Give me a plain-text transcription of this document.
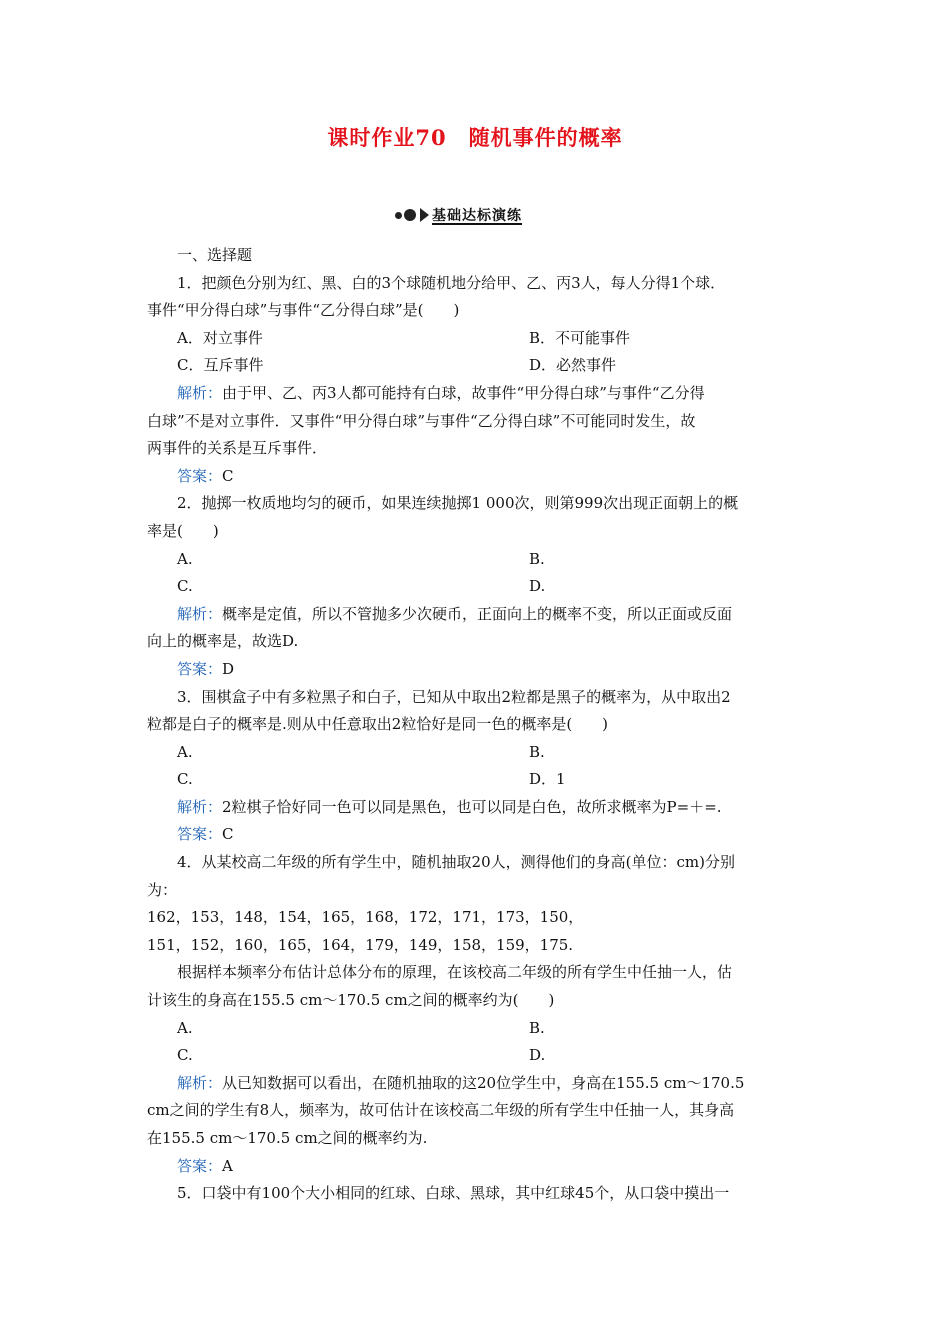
课时作业70　随机事件的概率
基础达标演练
一、选择题
1．把颜色分别为红、黑、白的3个球随机地分给甲、乙、丙3人，每人分得1个球．
事件“甲分得白球”与事件“乙分得白球”是(　　)
A．对立事件	B．不可能事件
C．互斥事件	D．必然事件
解析：由于甲、乙、丙3人都可能持有白球，故事件“甲分得白球”与事件“乙分得
白球”不是对立事件．又事件“甲分得白球”与事件“乙分得白球”不可能同时发生，故
两事件的关系是互斥事件．
答案：C
2．抛掷一枚质地均匀的硬币，如果连续抛掷1 000次，则第999次出现正面朝上的概
率是(　　)
A.	B.
C.	D.
解析：概率是定值，所以不管抛多少次硬币，正面向上的概率不变，所以正面或反面
向上的概率是，故选D.
答案：D
3．围棋盒子中有多粒黑子和白子，已知从中取出2粒都是黑子的概率为，从中取出2
粒都是白子的概率是.则从中任意取出2粒恰好是同一色的概率是(　　)
A.	B.
C.	D．1
解析：2粒棋子恰好同一色可以同是黑色，也可以同是白色，故所求概率为P=＋=.
答案：C
4．从某校高二年级的所有学生中，随机抽取20人，测得他们的身高(单位：cm)分别
为：
162，153，148，154，165，168，172，171，173，150，
151，152，160，165，164，179，149，158，159，175.
根据样本频率分布估计总体分布的原理，在该校高二年级的所有学生中任抽一人，估
计该生的身高在155.5 cm～170.5 cm之间的概率约为(　　)
A.	B.
C.	D.
解析：从已知数据可以看出，在随机抽取的这20位学生中，身高在155.5 cm～170.5
cm之间的学生有8人，频率为，故可估计在该校高二年级的所有学生中任抽一人，其身高
在155.5 cm～170.5 cm之间的概率约为.
答案：A
5．口袋中有100个大小相同的红球、白球、黑球，其中红球45个，从口袋中摸出一
